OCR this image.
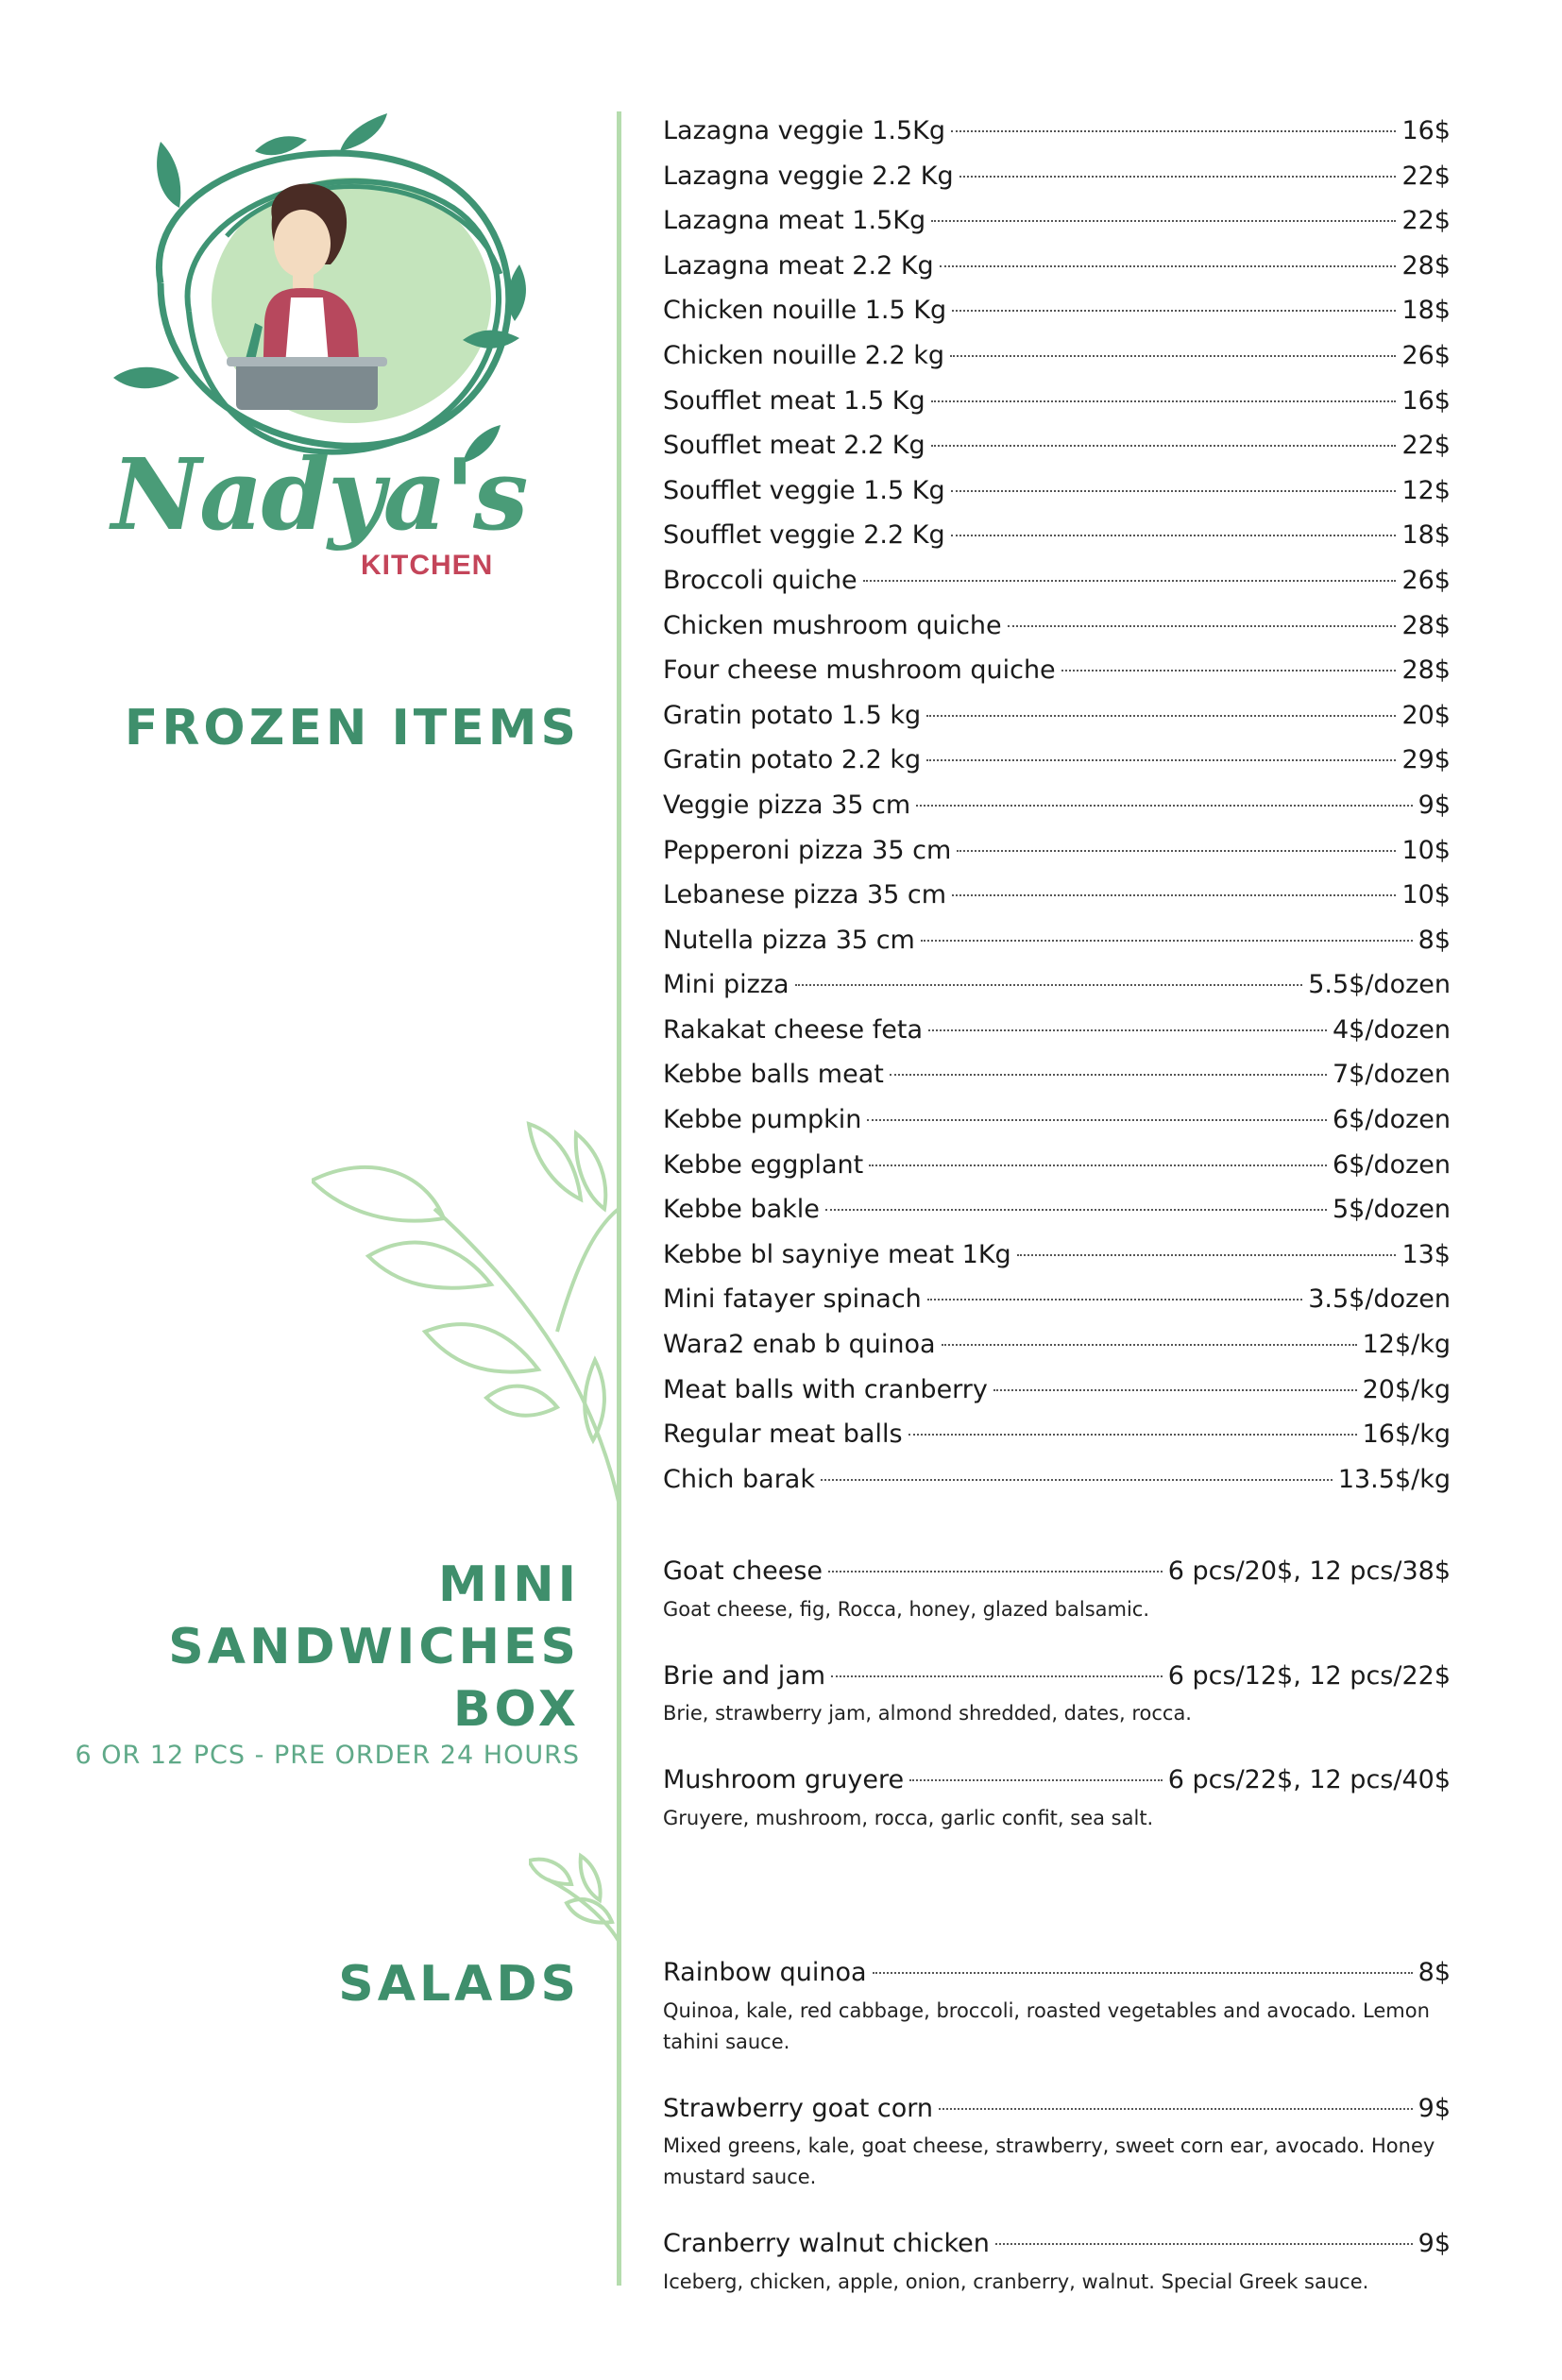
Nadya's
KITCHEN
FROZEN ITEMS
MINI
SANDWICHES
BOX
6 OR 12 PCS - PRE ORDER 24 HOURS
SALADS
Lazagna veggie 1.5Kg	16$
Lazagna veggie 2.2 Kg	22$
Lazagna meat 1.5Kg	22$
Lazagna meat 2.2 Kg	28$
Chicken nouille 1.5 Kg	18$
Chicken nouille 2.2 kg	26$
Soufflet meat 1.5 Kg	16$
Soufflet meat 2.2 Kg	22$
Soufflet veggie 1.5 Kg	12$
Soufflet veggie 2.2 Kg	18$
Broccoli quiche	26$
Chicken mushroom quiche	28$
Four cheese mushroom quiche	28$
Gratin potato 1.5 kg	20$
Gratin potato 2.2 kg	29$
Veggie pizza 35 cm	9$
Pepperoni pizza 35 cm	10$
Lebanese pizza 35 cm	10$
Nutella pizza 35 cm	8$
Mini pizza	5.5$/dozen
Rakakat cheese feta	4$/dozen
Kebbe balls meat	7$/dozen
Kebbe pumpkin	6$/dozen
Kebbe eggplant	6$/dozen
Kebbe bakle	5$/dozen
Kebbe bl sayniye meat 1Kg	13$
Mini fatayer spinach	3.5$/dozen
Wara2 enab b quinoa	12$/kg
Meat balls with cranberry	20$/kg
Regular meat balls	16$/kg
Chich barak	13.5$/kg
Goat cheese	6 pcs/20$, 12 pcs/38$
Goat cheese, fig, Rocca, honey, glazed balsamic.
Brie and jam	6 pcs/12$, 12 pcs/22$
Brie, strawberry jam, almond shredded, dates, rocca.
Mushroom gruyere	6 pcs/22$, 12 pcs/40$
Gruyere, mushroom, rocca, garlic confit, sea salt.
Rainbow quinoa	8$
Quinoa, kale, red cabbage, broccoli, roasted vegetables and avocado. Lemon tahini sauce.
Strawberry goat corn	9$
Mixed greens, kale, goat cheese, strawberry, sweet corn ear, avocado. Honey mustard sauce.
Cranberry walnut chicken	9$
Iceberg, chicken, apple, onion, cranberry, walnut. Special Greek sauce.
